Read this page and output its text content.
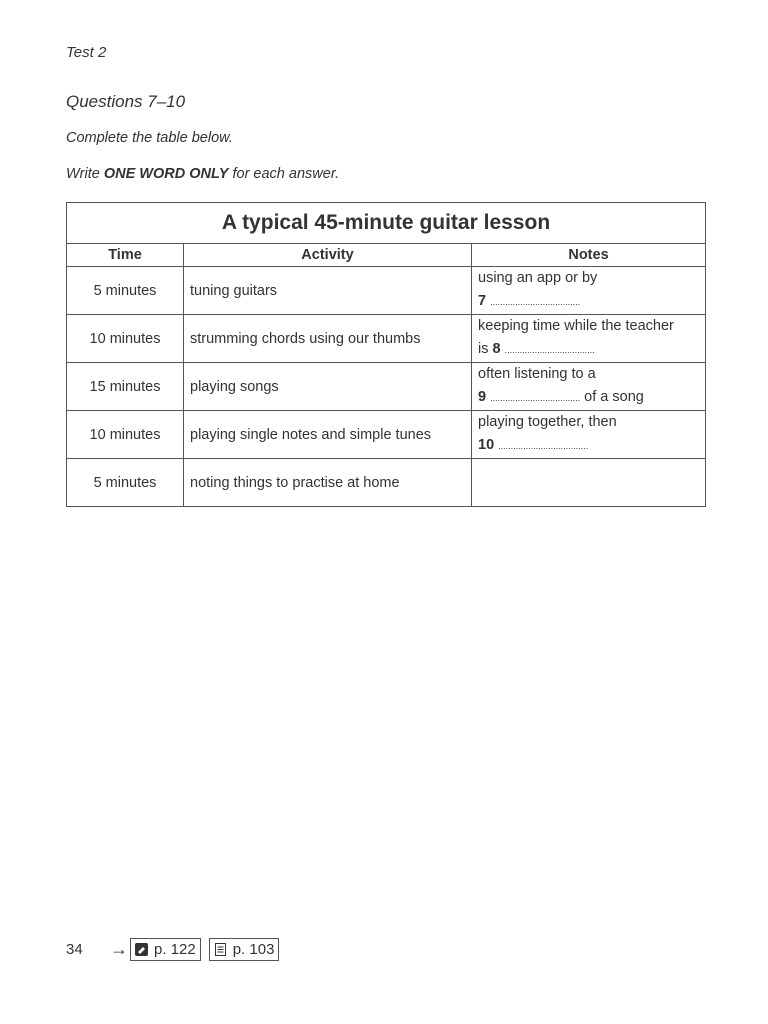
Test 2
Questions 7–10
Complete the table below.
Write ONE WORD ONLY for each answer.
A typical 45-minute guitar lesson		
Time	Activity	Notes
5 minutes	tuning guitars	using an app or by
7 ....................................

10 minutes	strumming chords using our thumbs	keeping time while the teacher
is 8 ....................................

15 minutes	playing songs	often listening to a
9 .................................... of a song

10 minutes	playing single notes and simple tunes	playing together, then
10 ....................................

5 minutes	noting things to practise at home	
34	→ p. 122 p. 103
